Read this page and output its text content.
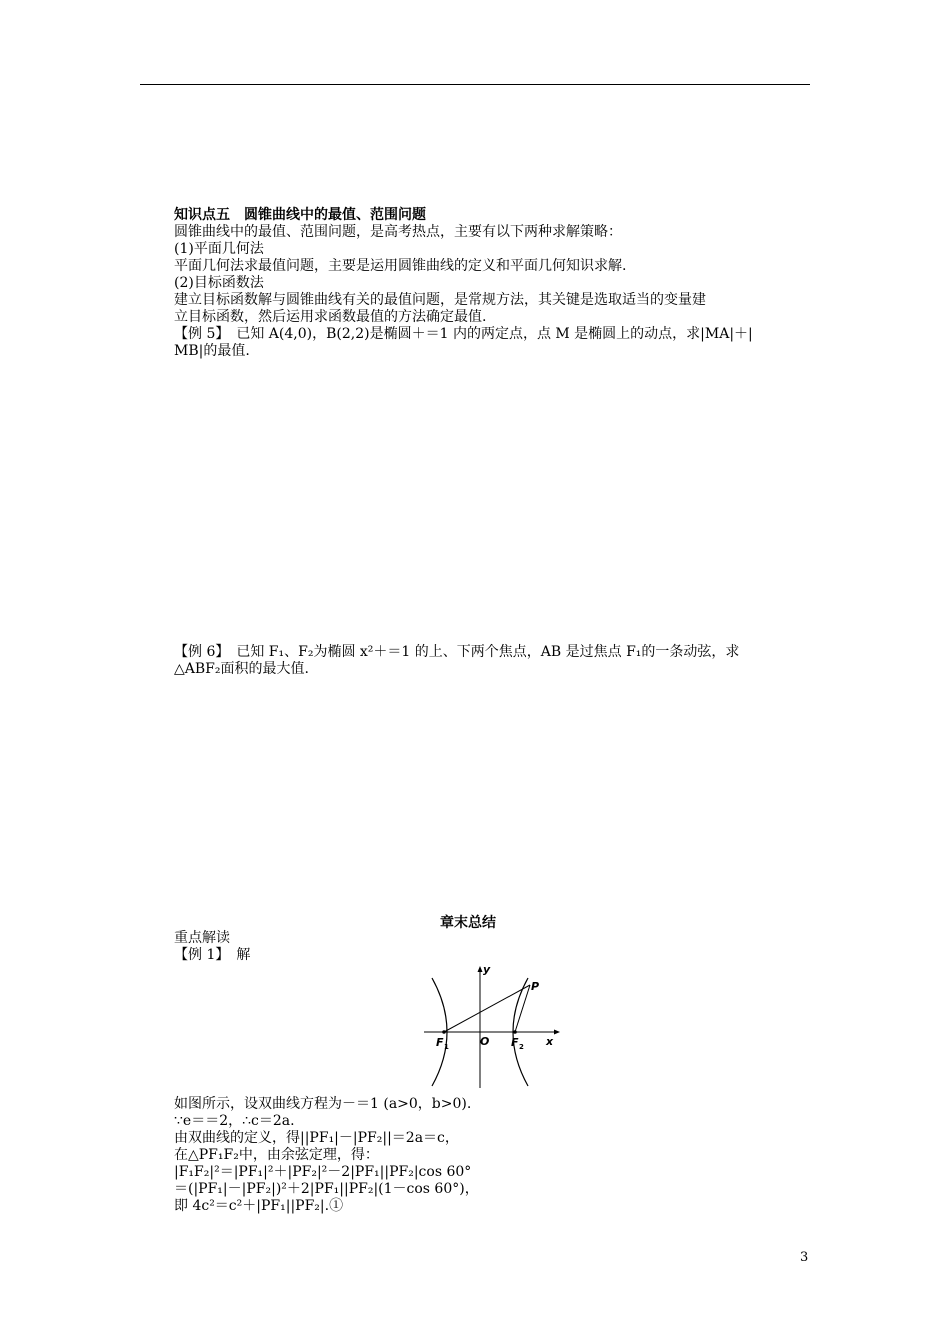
知识点五　圆锥曲线中的最值、范围问题
圆锥曲线中的最值、范围问题，是高考热点，主要有以下两种求解策略：
(1)平面几何法
平面几何法求最值问题，主要是运用圆锥曲线的定义和平面几何知识求解.
(2)目标函数法
建立目标函数解与圆锥曲线有关的最值问题，是常规方法，其关键是选取适当的变量建
立目标函数，然后运用求函数最值的方法确定最值.
【例 5】　已知 A(4,0)，B(2,2)是椭圆＋＝1 内的两定点，点 M 是椭圆上的动点，求|MA|＋|
MB|的最值.
【例 6】　已知 F₁、F₂为椭圆 x²＋＝1 的上、下两个焦点，AB 是过焦点 F₁的一条动弦，求
△ABF₂面积的最大值.
章末总结
重点解读
【例 1】　解
y
x
P
F 1	O F 2
如图所示，设双曲线方程为－＝1 (a>0，b>0).
∵e＝＝2，∴c＝2a.
由双曲线的定义，得||PF₁|－|PF₂||＝2a＝c，
在△PF₁F₂中，由余弦定理，得：
|F₁F₂|²＝|PF₁|²＋|PF₂|²－2|PF₁||PF₂|cos 60°
＝(|PF₁|－|PF₂|)²＋2|PF₁||PF₂|(1－cos 60°)，
即 4c²＝c²＋|PF₁||PF₂|.①
3
